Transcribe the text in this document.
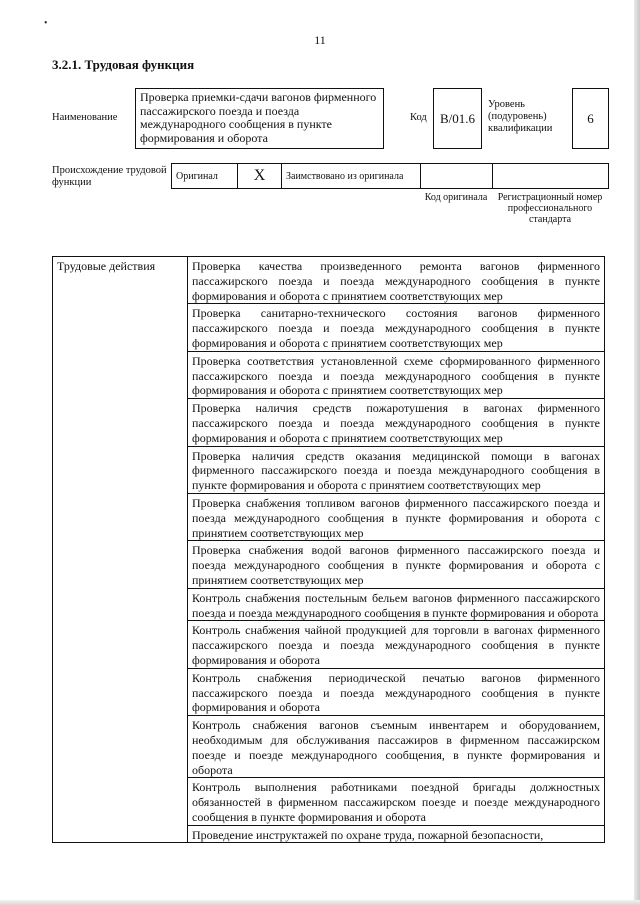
•
11
3.2.1. Трудовая функция
Наименование
Проверка приемки-сдачи вагонов фирменного пассажирского поезда и поезда международного сообщения в пункте формирования и оборота
Код	B/01.6
Уровень (подуровень) квалификации
6
Происхождение трудовой функции
Оригинал	X	Заимствовано из оригинала		
Код оригинала	Регистрационный номер профессионального стандарта
Трудовые действия	Проверка качества произведенного ремонта вагонов фирменного пассажирского поезда и поезда международного сообщения в пункте формирования и оборота с принятием соответствующих мер
Проверка санитарно-технического состояния вагонов фирменного пассажирского поезда и поезда международного сообщения в пункте формирования и оборота с принятием соответствующих мер
Проверка соответствия установленной схеме сформированного фирменного пассажирского поезда и поезда международного сообщения в пункте формирования и оборота с принятием соответствующих мер
Проверка наличия средств пожаротушения в вагонах фирменного пассажирского поезда и поезда международного сообщения в пункте формирования и оборота с принятием соответствующих мер
Проверка наличия средств оказания медицинской помощи в вагонах фирменного пассажирского поезда и поезда международного сообщения в пункте формирования и оборота с принятием соответствующих мер
Проверка снабжения топливом вагонов фирменного пассажирского поезда и поезда международного сообщения в пункте формирования и оборота с принятием соответствующих мер
Проверка снабжения водой вагонов фирменного пассажирского поезда и поезда международного сообщения в пункте формирования и оборота с принятием соответствующих мер
Контроль снабжения постельным бельем вагонов фирменного пассажирского поезда и поезда международного сообщения в пункте формирования и оборота
Контроль снабжения чайной продукцией для торговли в вагонах фирменного пассажирского поезда и поезда международного сообщения в пункте формирования и оборота
Контроль снабжения периодической печатью вагонов фирменного пассажирского поезда и поезда международного сообщения в пункте формирования и оборота
Контроль снабжения вагонов съемным инвентарем и оборудованием, необходимым для обслуживания пассажиров в фирменном пассажирском поезде и поезде международного сообщения, в пункте формирования и оборота
Контроль выполнения работниками поездной бригады должностных обязанностей в фирменном пассажирском поезде и поезде международного сообщения в пункте формирования и оборота
Проведение инструктажей по охране труда, пожарной безопасности,
